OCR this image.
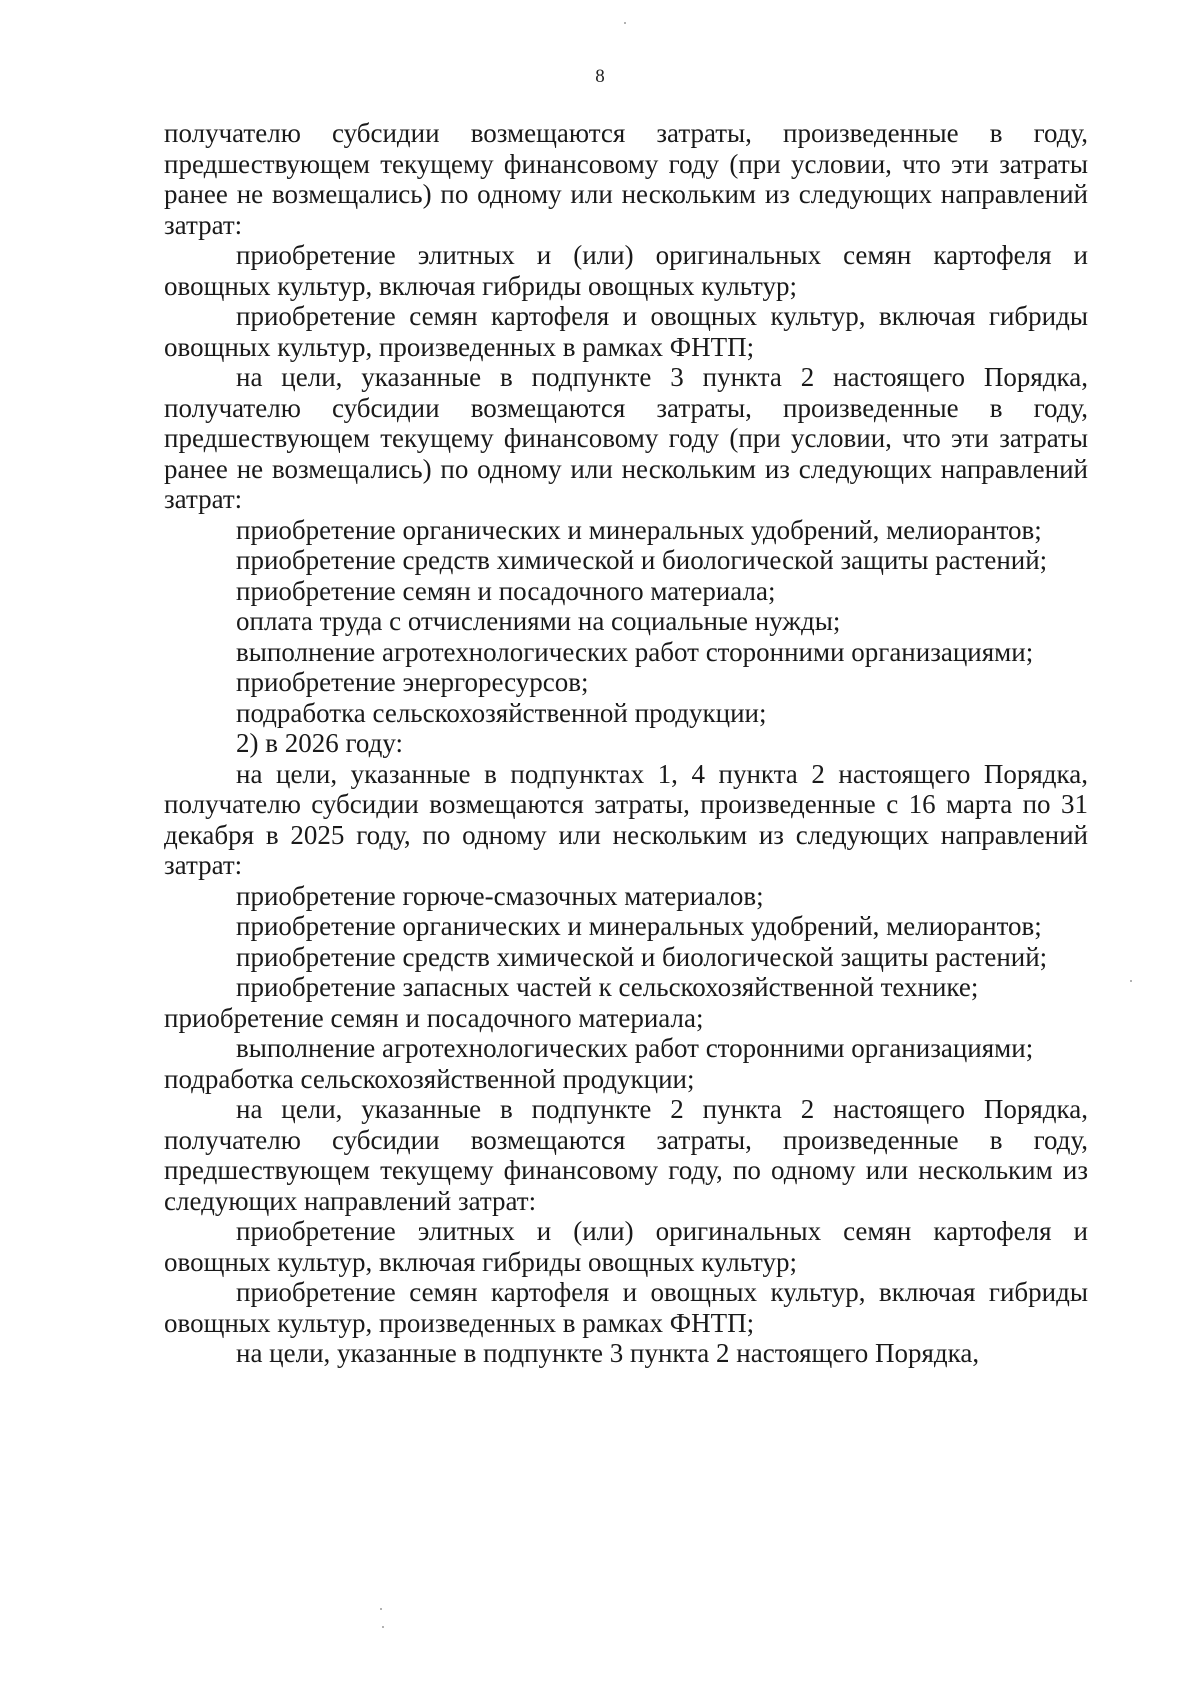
8

получателю субсидии возмещаются затраты, произведенные в году, предшествующем текущему финансовому году (при условии, что эти затраты ранее не возмещались) по одному или нескольким из следующих направлений затрат:

приобретение элитных и (или) оригинальных семян картофеля и овощных культур, включая гибриды овощных культур;

приобретение семян картофеля и овощных культур, включая гибриды овощных культур, произведенных в рамках ФНТП;

на цели, указанные в подпункте 3 пункта 2 настоящего Порядка, получателю субсидии возмещаются затраты, произведенные в году, предшествующем текущему финансовому году (при условии, что эти затраты ранее не возмещались) по одному или нескольким из следующих направлений затрат:

приобретение органических и минеральных удобрений, мелиорантов;

приобретение средств химической и биологической защиты растений;

приобретение семян и посадочного материала;

оплата труда с отчислениями на социальные нужды;

выполнение агротехнологических работ сторонними организациями;

приобретение энергоресурсов;

подработка сельскохозяйственной продукции;

2) в 2026 году:

на цели, указанные в подпунктах 1, 4 пункта 2 настоящего Порядка, получателю субсидии возмещаются затраты, произведенные с 16 марта по 31 декабря в 2025 году, по одному или нескольким из следующих направлений затрат:

приобретение горюче-смазочных материалов;

приобретение органических и минеральных удобрений, мелиорантов;

приобретение средств химической и биологической защиты растений;

приобретение запасных частей к сельскохозяйственной технике;

приобретение семян и посадочного материала;

выполнение агротехнологических работ сторонними организациями;

подработка сельскохозяйственной продукции;

на цели, указанные в подпункте 2 пункта 2 настоящего Порядка, получателю субсидии возмещаются затраты, произведенные в году, предшествующем текущему финансовому году, по одному или нескольким из следующих направлений затрат:

приобретение элитных и (или) оригинальных семян картофеля и овощных культур, включая гибриды овощных культур;

приобретение семян картофеля и овощных культур, включая гибриды овощных культур, произведенных в рамках ФНТП;

на цели, указанные в подпункте 3 пункта 2 настоящего Порядка,
